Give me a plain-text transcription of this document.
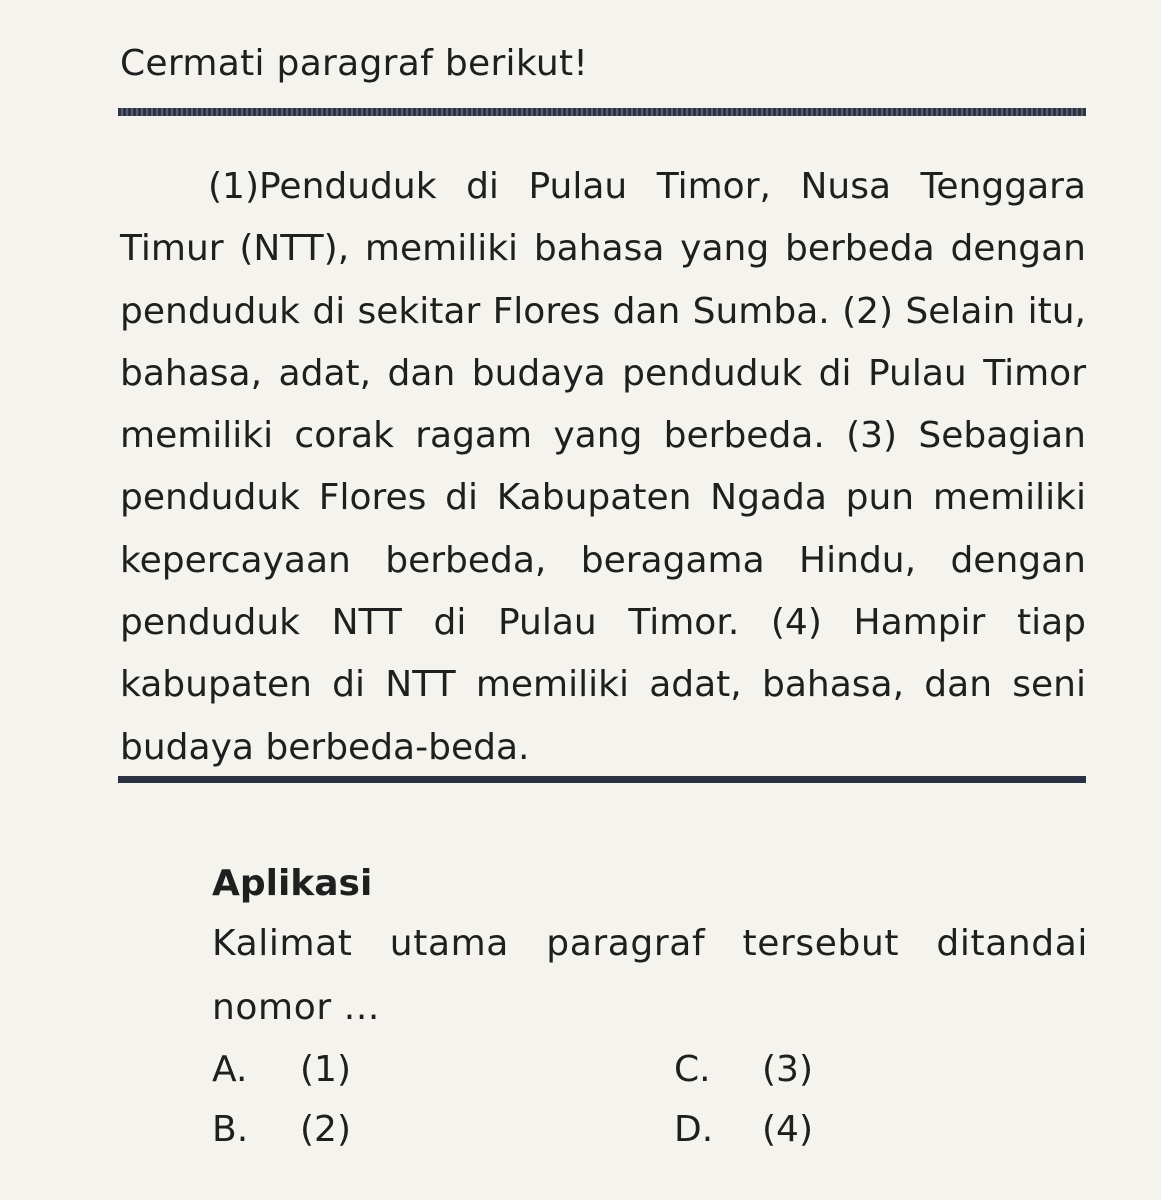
Cermati paragraf berikut!

(1)Penduduk di Pulau Timor, Nusa Tenggara Timur (NTT), memiliki bahasa yang berbeda dengan penduduk di sekitar Flores dan Sumba. (2) Selain itu, bahasa, adat, dan budaya penduduk di Pulau Timor memiliki corak ragam yang berbeda. (3) Sebagian penduduk Flores di Kabupaten Ngada pun memiliki kepercayaan berbeda, beragama Hindu, dengan penduduk NTT di Pulau Timor. (4) Hampir tiap kabupaten di NTT memiliki adat, bahasa, dan seni budaya berbeda-beda.

Aplikasi

Kalimat utama paragraf tersebut ditandai nomor ...

A. (1)
B. (2)
C. (3)
D. (4)
